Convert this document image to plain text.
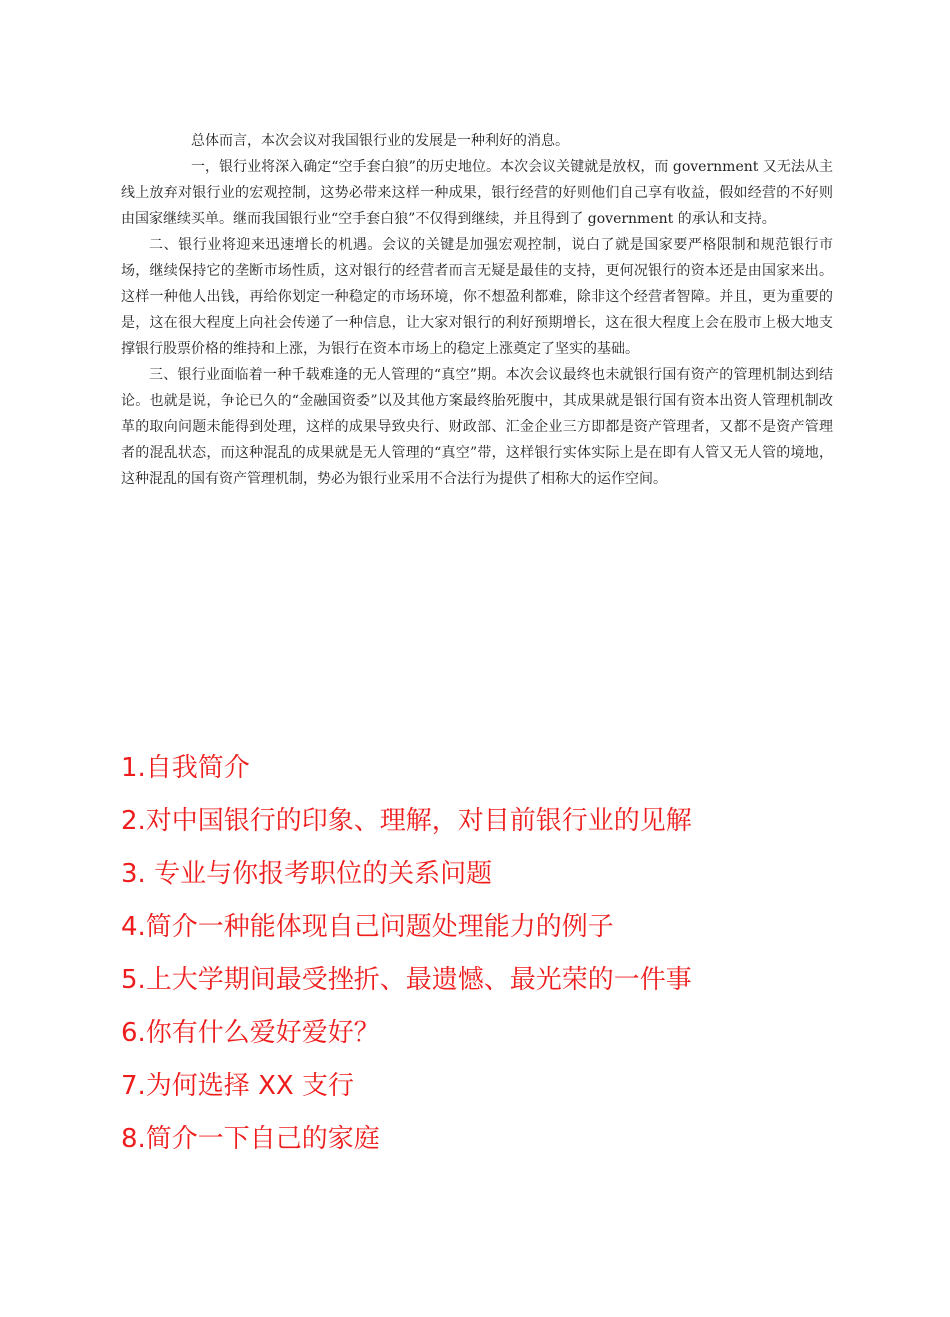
总体而言，本次会议对我国银行业的发展是一种利好的消息。

一，银行业将深入确定“空手套白狼”的历史地位。本次会议关键就是放权，而 government 又无法从主线上放弃对银行业的宏观控制，这势必带来这样一种成果，银行经营的好则他们自己享有收益，假如经营的不好则由国家继续买单。继而我国银行业“空手套白狼”不仅得到继续，并且得到了 government 的承认和支持。

二、银行业将迎来迅速增长的机遇。会议的关键是加强宏观控制，说白了就是国家要严格限制和规范银行市场，继续保持它的垄断市场性质，这对银行的经营者而言无疑是最佳的支持，更何况银行的资本还是由国家来出。这样一种他人出钱，再给你划定一种稳定的市场环境，你不想盈利都难，除非这个经营者智障。并且，更为重要的是，这在很大程度上向社会传递了一种信息，让大家对银行的利好预期增长，这在很大程度上会在股市上极大地支撑银行股票价格的维持和上涨，为银行在资本市场上的稳定上涨奠定了坚实的基础。

三、银行业面临着一种千载难逢的无人管理的“真空”期。本次会议最终也未就银行国有资产的管理机制达到结论。也就是说，争论已久的“金融国资委”以及其他方案最终胎死腹中，其成果就是银行国有资本出资人管理机制改革的取向问题未能得到处理，这样的成果导致央行、财政部、汇金企业三方即都是资产管理者，又都不是资产管理者的混乱状态，而这种混乱的成果就是无人管理的“真空”带，这样银行实体实际上是在即有人管又无人管的境地，这种混乱的国有资产管理机制，势必为银行业采用不合法行为提供了相称大的运作空间。

1.自我简介
2.对中国银行的印象、理解，对目前银行业的见解
3. 专业与你报考职位的关系问题
4.简介一种能体现自己问题处理能力的例子
5.上大学期间最受挫折、最遗憾、最光荣的一件事
6.你有什么爱好爱好？
7.为何选择 XX 支行
8.简介一下自己的家庭
